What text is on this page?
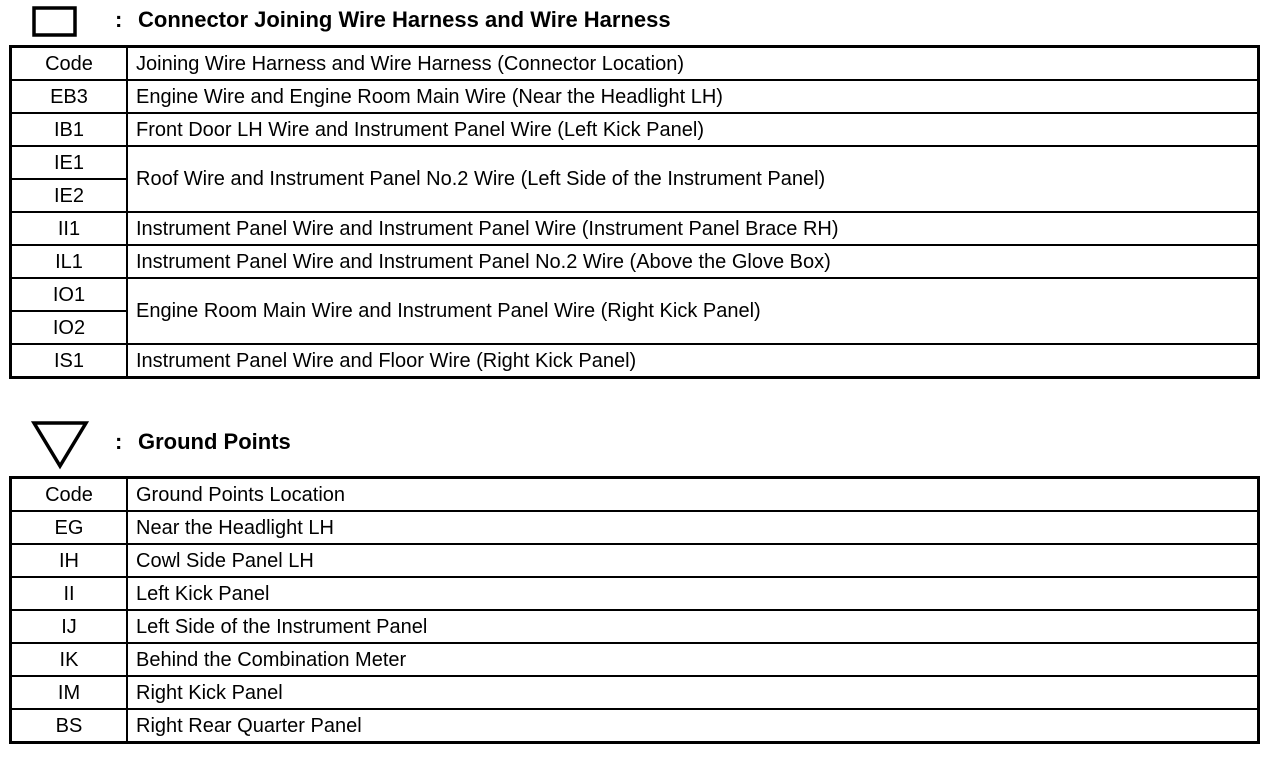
: Connector Joining Wire Harness and Wire Harness
Code	Joining Wire Harness and Wire Harness (Connector Location)
EB3	Engine Wire and Engine Room Main Wire (Near the Headlight LH)
IB1	Front Door LH Wire and Instrument Panel Wire (Left Kick Panel)
IE1	Roof Wire and Instrument Panel No.2 Wire (Left Side of the Instrument Panel)
IE2	
II1	Instrument Panel Wire and Instrument Panel Wire (Instrument Panel Brace RH)
IL1	Instrument Panel Wire and Instrument Panel No.2 Wire (Above the Glove Box)
IO1	Engine Room Main Wire and Instrument Panel Wire (Right Kick Panel)
IO2	
IS1	Instrument Panel Wire and Floor Wire (Right Kick Panel)
: Ground Points
Code	Ground Points Location
EG	Near the Headlight LH
IH	Cowl Side Panel LH
II	Left Kick Panel
IJ	Left Side of the Instrument Panel
IK	Behind the Combination Meter
IM	Right Kick Panel
BS	Right Rear Quarter Panel
